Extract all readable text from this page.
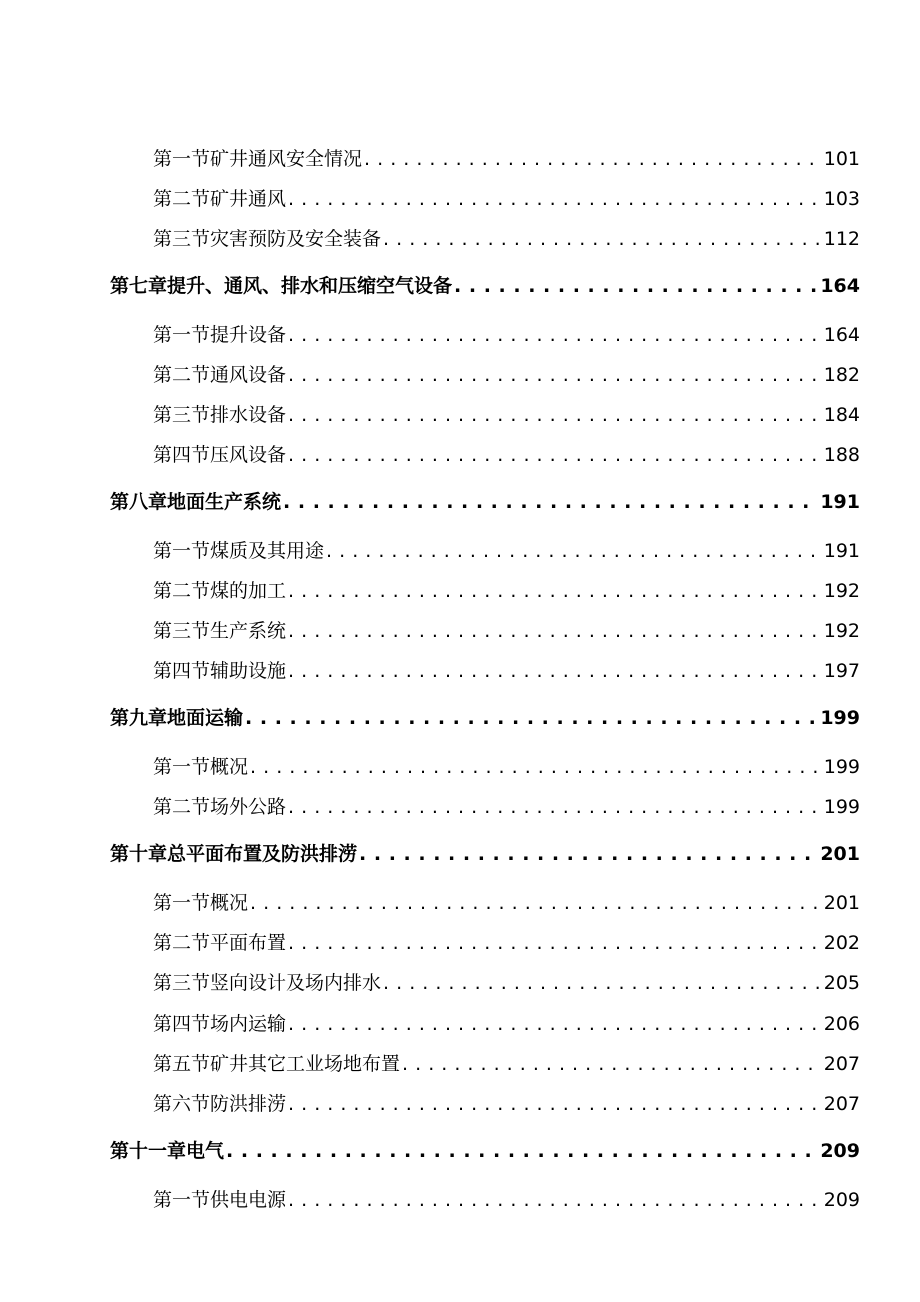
第一节 矿井通风安全情况 . . .	101
第二节 矿井通风 . . .	103
第三节 灾害预防及安全装备 . . .	112
第七章 提升、通风、排水和压缩空气设备 . . .	164
第一节 提升设备 . . .	164
第二节 通风设备 . . .	182
第三节 排水设备 . . .	184
第四节 压风设备 . . .	188
第八章 地面生产系统 . . .	191
第一节 煤质及其用途 . . .	191
第二节 煤的加工 . . .	192
第三节 生产系统 . . .	192
第四节 辅助设施 . . .	197
第九章 地面运输 . . .	199
第一节 概况 . . .	199
第二节 场外公路 . . .	199
第十章 总平面布置及防洪排涝 . . .	201
第一节 概况 . . .	201
第二节 平面布置 . . .	202
第三节 竖向设计及场内排水 . . .	205
第四节 场内运输 . . .	206
第五节 矿井其它工业场地布置 . . .	207
第六节 防洪排涝 . . .	207
第十一章 电气 . . .	209
第一节 供电电源 . . .	209
